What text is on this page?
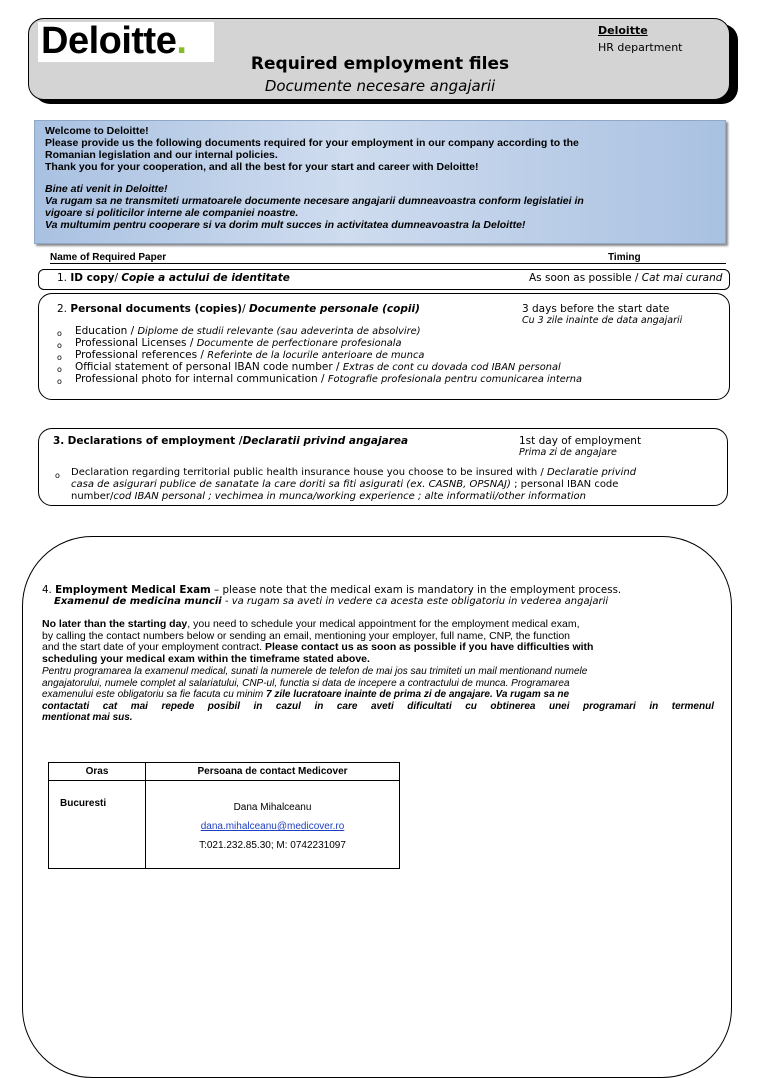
Deloitte.	Deloitte
HR department
Required employment files
Documente necesare angajarii
Welcome to Deloitte!
Please provide us the following documents required for your employment in our company according to the
Romanian legislation and our internal policies.
Thank you for your cooperation, and all the best for your start and career with Deloitte!
Bine ati venit in Deloitte!
Va rugam sa ne transmiteti urmatoarele documente necesare angajarii dumneavoastra conform legislatiei in
vigoare si politicilor interne ale companiei noastre.
Va multumim pentru cooperare si va dorim mult succes in activitatea dumneavoastra la Deloitte!
Name of Required Paper	Timing
1. ID copy/ Copie a actului de identitate	As soon as possible / Cat mai curand
2. Personal documents (copies)/ Documente personale (copii)	3 days before the start date
Cu 3 zile inainte de data angajarii
o Education / Diplome de studii relevante (sau adeverinta de absolvire)
o Professional Licenses / Documente de perfectionare profesionala
o Professional references / Referinte de la locurile anterioare de munca
o Official statement of personal IBAN code number / Extras de cont cu dovada cod IBAN personal
o Professional photo for internal communication / Fotografie profesionala pentru comunicarea interna
3. Declarations of employment /Declaratii privind angajarea	1st day of employment
Prima zi de angajare
o Declaration regarding territorial public health insurance house you choose to be insured with / Declaratie privind
casa de asigurari publice de sanatate la care doriti sa fiti asigurati (ex. CASNB, OPSNAJ) ; personal IBAN code
number/cod IBAN personal ; vechimea in munca/working experience ; alte informatii/other information
4. Employment Medical Exam – please note that the medical exam is mandatory in the employment process.
Examenul de medicina muncii - va rugam sa aveti in vedere ca acesta este obligatoriu in vederea angajarii
No later than the starting day, you need to schedule your medical appointment for the employment medical exam,
by calling the contact numbers below or sending an email, mentioning your employer, full name, CNP, the function
and the start date of your employment contract. Please contact us as soon as possible if you have difficulties with
scheduling your medical exam within the timeframe stated above.
Pentru programarea la examenul medical, sunati la numerele de telefon de mai jos sau trimiteti un mail mentionand numele
angajatorului, numele complet al salariatului, CNP-ul, functia si data de incepere a contractului de munca. Programarea
examenului este obligatoriu sa fie facuta cu minim 7 zile lucratoare inainte de prima zi de angajare. Va rugam sa ne
contactati cat mai repede posibil in cazul in care aveti dificultati cu obtinerea unei programari in termenul
mentionat mai sus.
Oras	Persoana de contact Medicover
Bucuresti	Dana Mihalceanu
dana.mihalceanu@medicover.ro
T:021.232.85.30; M: 0742231097
